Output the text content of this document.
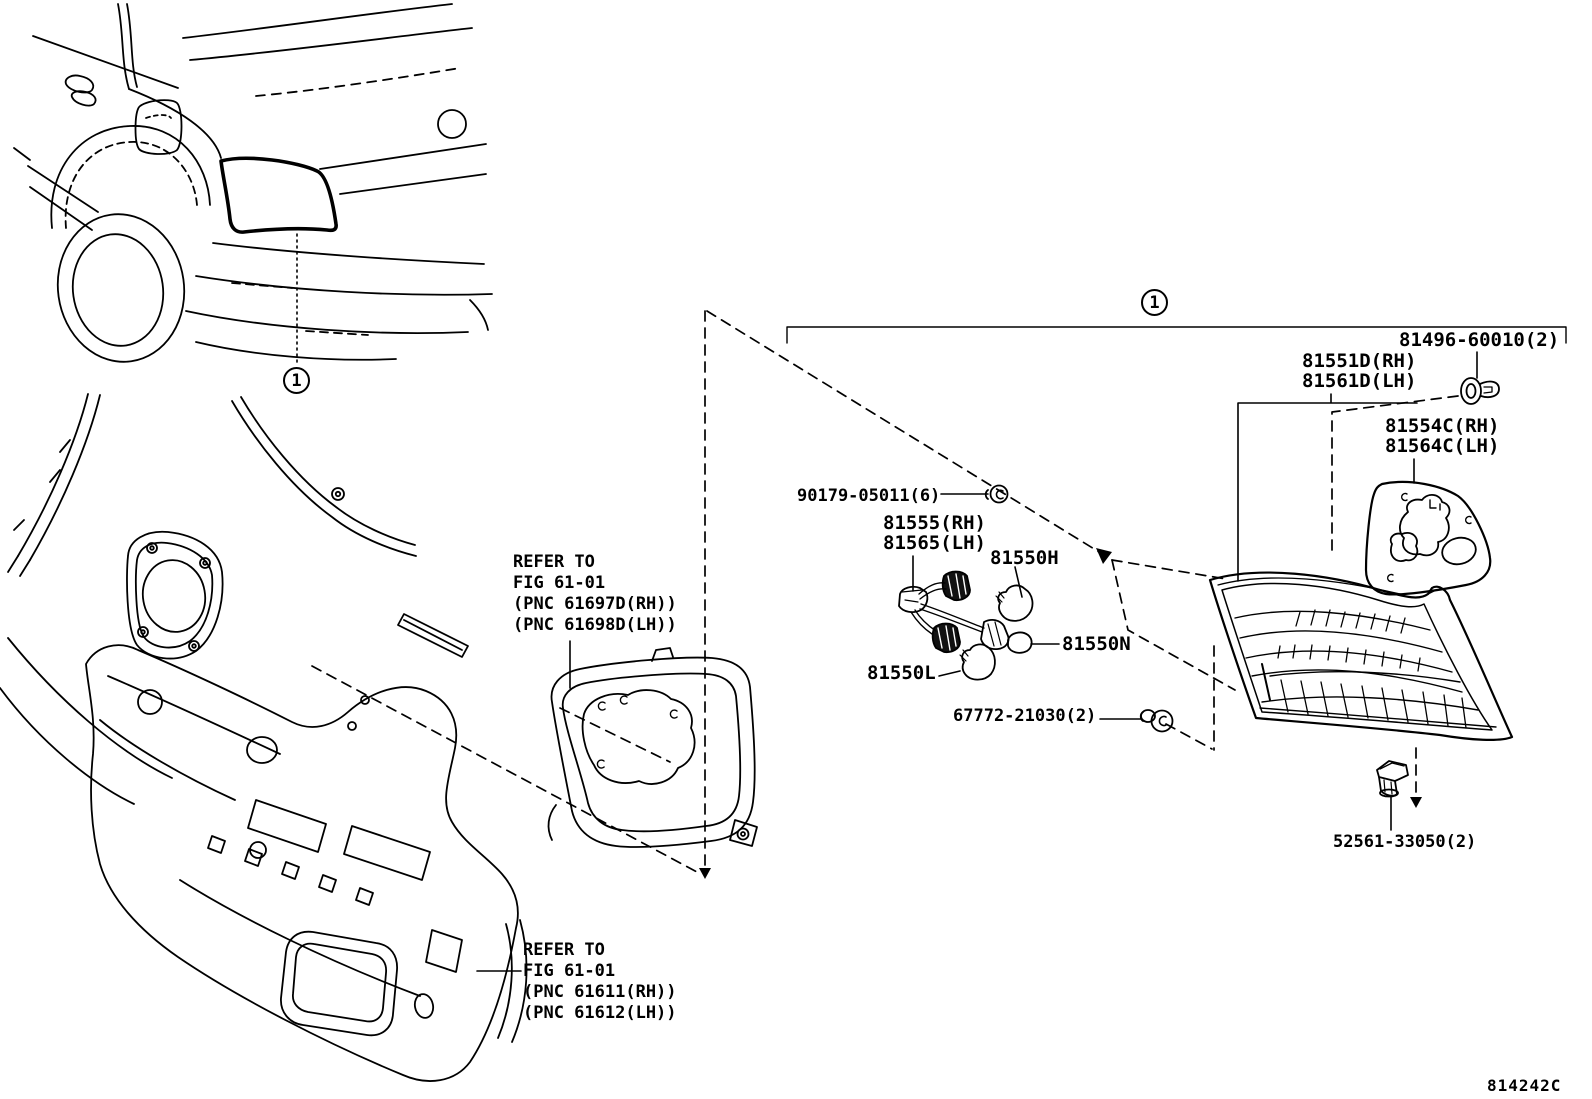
81496-60010(2)
81551D(RH)
81561D(LH)
81554C(RH)
81564C(LH)
90179-05011(6)
81555(RH)
81565(LH)
81550H
81550N
81550L
67772-21030(2)
52561-33050(2)
REFER TO
FIG 61-01
(PNC 61697D(RH))
(PNC 61698D(LH))
REFER TO
FIG 61-01
(PNC 61611(RH))
(PNC 61612(LH))
1
1
814242C
